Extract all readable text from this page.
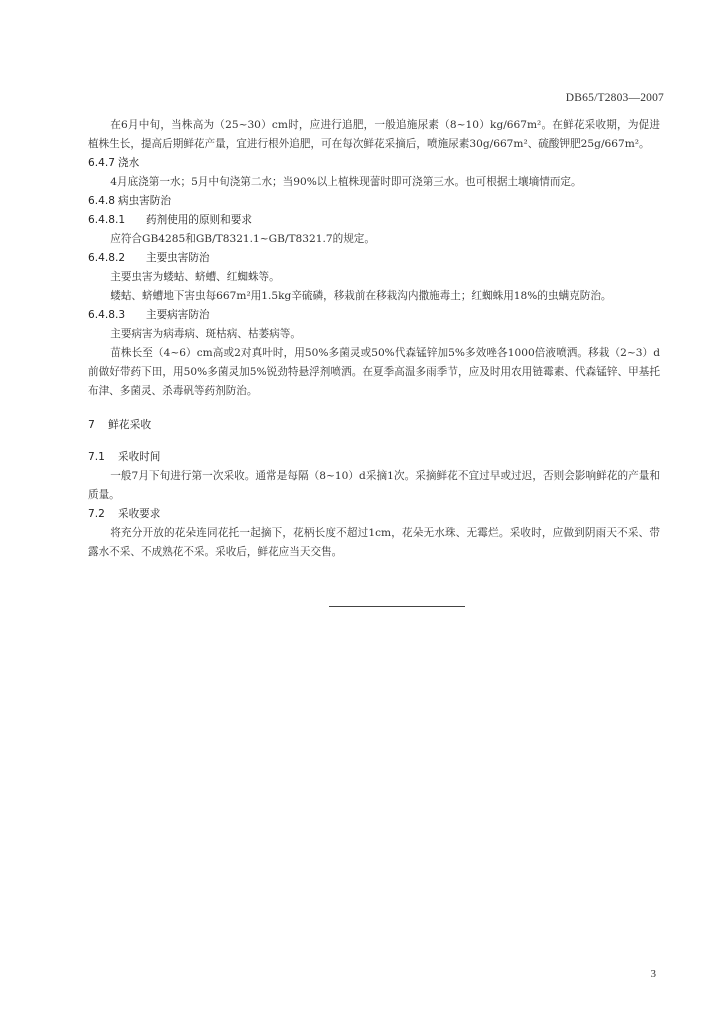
DB65/T2803—2007

在6月中旬，当株高为（25~30）cm时，应进行追肥，一般追施尿素（8~10）kg/667m²。在鲜花采收期，为促进植株生长，提高后期鲜花产量，宜进行根外追肥，可在每次鲜花采摘后，喷施尿素30g/667m²、硫酸钾肥25g/667m²。

6.4.7 浇水

4月底浇第一水；5月中旬浇第二水；当90%以上植株现蕾时即可浇第三水。也可根据土壤墒情而定。

6.4.8 病虫害防治

6.4.8.1 药剂使用的原则和要求

应符合GB4285和GB/T8321.1~GB/T8321.7的规定。

6.4.8.2 主要虫害防治

主要虫害为蝼蛄、蛴螬、红蜘蛛等。

蝼蛄、蛴螬地下害虫每667m²用1.5kg辛硫磷，移栽前在移栽沟内撒施毒土；红蜘蛛用18%的虫螨克防治。

6.4.8.3 主要病害防治

主要病害为病毒病、斑枯病、枯萎病等。

苗株长至（4~6）cm高或2对真叶时，用50%多菌灵或50%代森锰锌加5%多效唑各1000倍液喷洒。移栽（2~3）d前做好带药下田，用50%多菌灵加5%锐劲特悬浮剂喷洒。在夏季高温多雨季节，应及时用农用链霉素、代森锰锌、甲基托布津、多菌灵、杀毒矾等药剂防治。

7 鲜花采收

7.1 采收时间

一般7月下旬进行第一次采收。通常是每隔（8~10）d采摘1次。采摘鲜花不宜过早或过迟，否则会影响鲜花的产量和质量。

7.2 采收要求

将充分开放的花朵连同花托一起摘下，花柄长度不超过1cm，花朵无水珠、无霉烂。采收时，应做到阴雨天不采、带露水不采、不成熟花不采。采收后，鲜花应当天交售。

3
